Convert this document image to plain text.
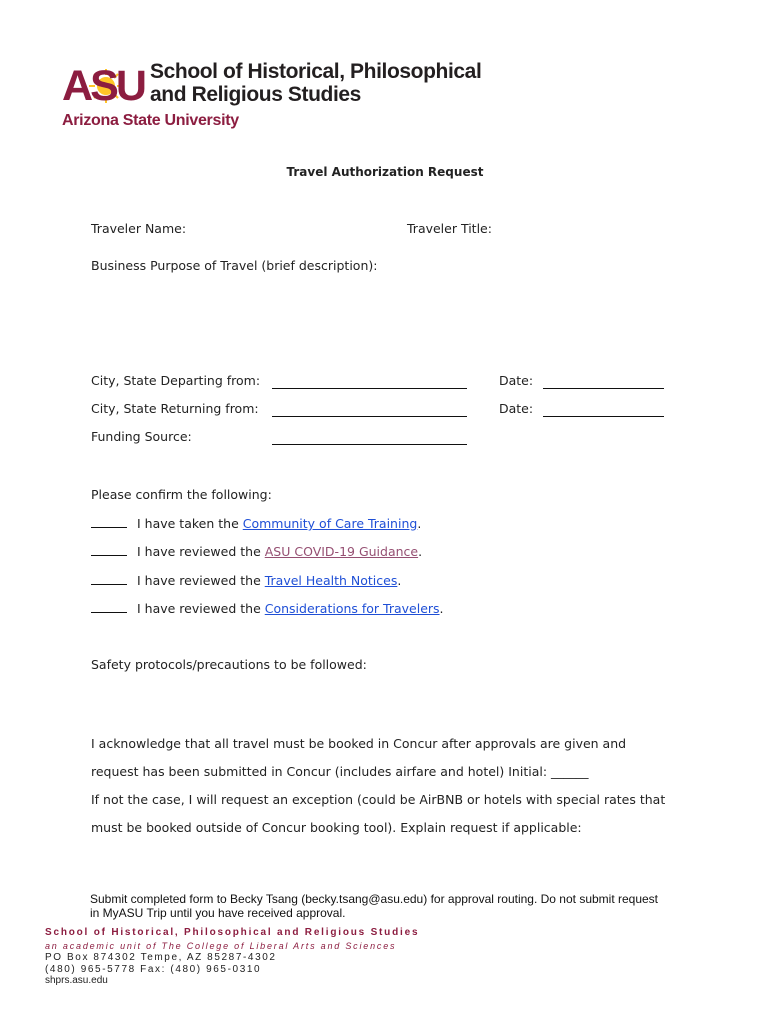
ASU School of Historical, Philosophical
and Religious Studies
Arizona State University
Travel Authorization Request
Traveler Name:	Traveler Title:
Business Purpose of Travel (brief description):
City, State Departing from:	Date:
City, State Returning from:	Date:
Funding Source:
Please confirm the following:
I have taken the Community of Care Training.
I have reviewed the ASU COVID-19 Guidance.
I have reviewed the Travel Health Notices.
I have reviewed the Considerations for Travelers.
Safety protocols/precautions to be followed:
I acknowledge that all travel must be booked in Concur after approvals are given and
request has been submitted in Concur (includes airfare and hotel) Initial: ______
If not the case, I will request an exception (could be AirBNB or hotels with special rates that
must be booked outside of Concur booking tool). Explain request if applicable:
Submit completed form to Becky Tsang (becky.tsang@asu.edu) for approval routing. Do not submit request
in MyASU Trip until you have received approval.
School of Historical, Philosophical and Religious Studies
an academic unit of The College of Liberal Arts and Sciences
PO Box 874302 Tempe, AZ 85287-4302
(480) 965-5778 Fax: (480) 965-0310
shprs.asu.edu
